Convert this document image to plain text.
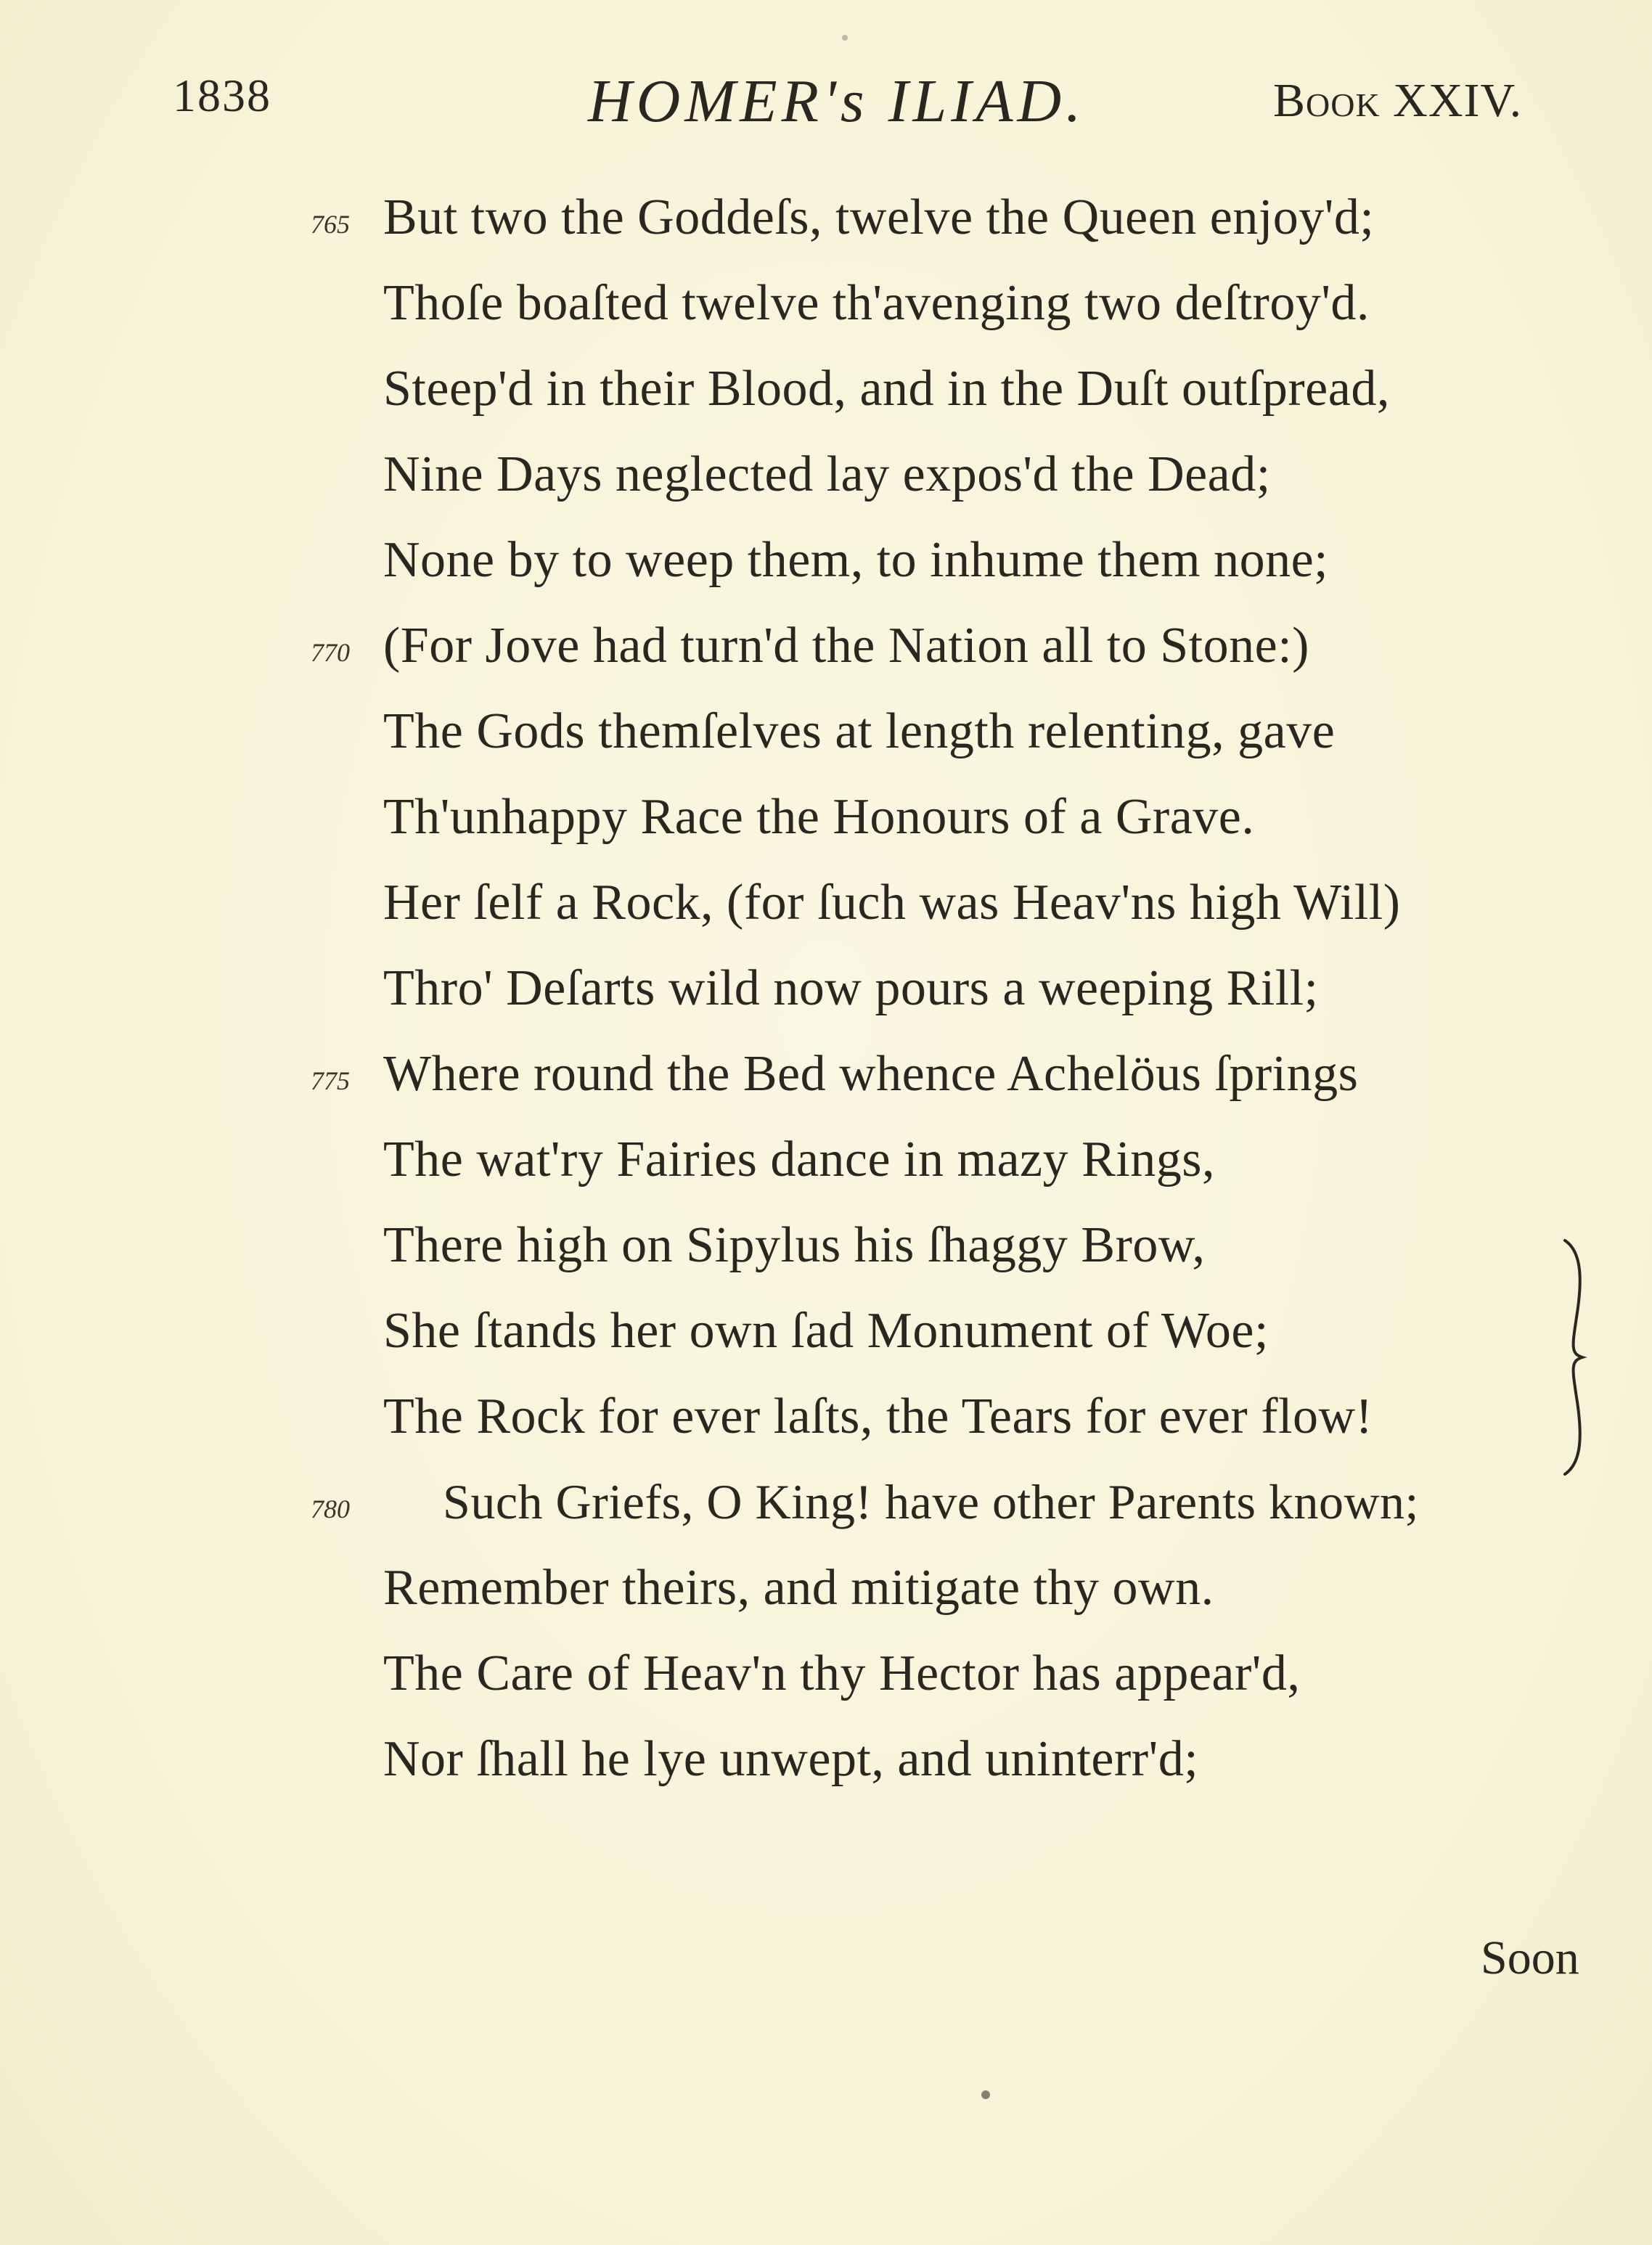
1838	HOMER's ILIAD.	Book XXIV.
765 But two the Goddeſs, twelve the Queen enjoy'd;
Thoſe boaſted twelve th'avenging two deſtroy'd.
Steep'd in their Blood, and in the Duſt outſpread,
Nine Days neglected lay expos'd the Dead;
None by to weep them, to inhume them none;
770 (For Jove had turn'd the Nation all to Stone:)
The Gods themſelves at length relenting, gave
Th'unhappy Race the Honours of a Grave.
Her ſelf a Rock, (for ſuch was Heav'ns high Will)
Thro' Deſarts wild now pours a weeping Rill;
775 Where round the Bed whence Achelöus ſprings
The wat'ry Fairies dance in mazy Rings,
There high on Sipylus his ſhaggy Brow,
She ſtands her own ſad Monument of Woe;
The Rock for ever laſts, the Tears for ever flow!
780 Such Griefs, O King! have other Parents known;
Remember theirs, and mitigate thy own.
The Care of Heav'n thy Hector has appear'd,
Nor ſhall he lye unwept, and uninterr'd;
Soon
